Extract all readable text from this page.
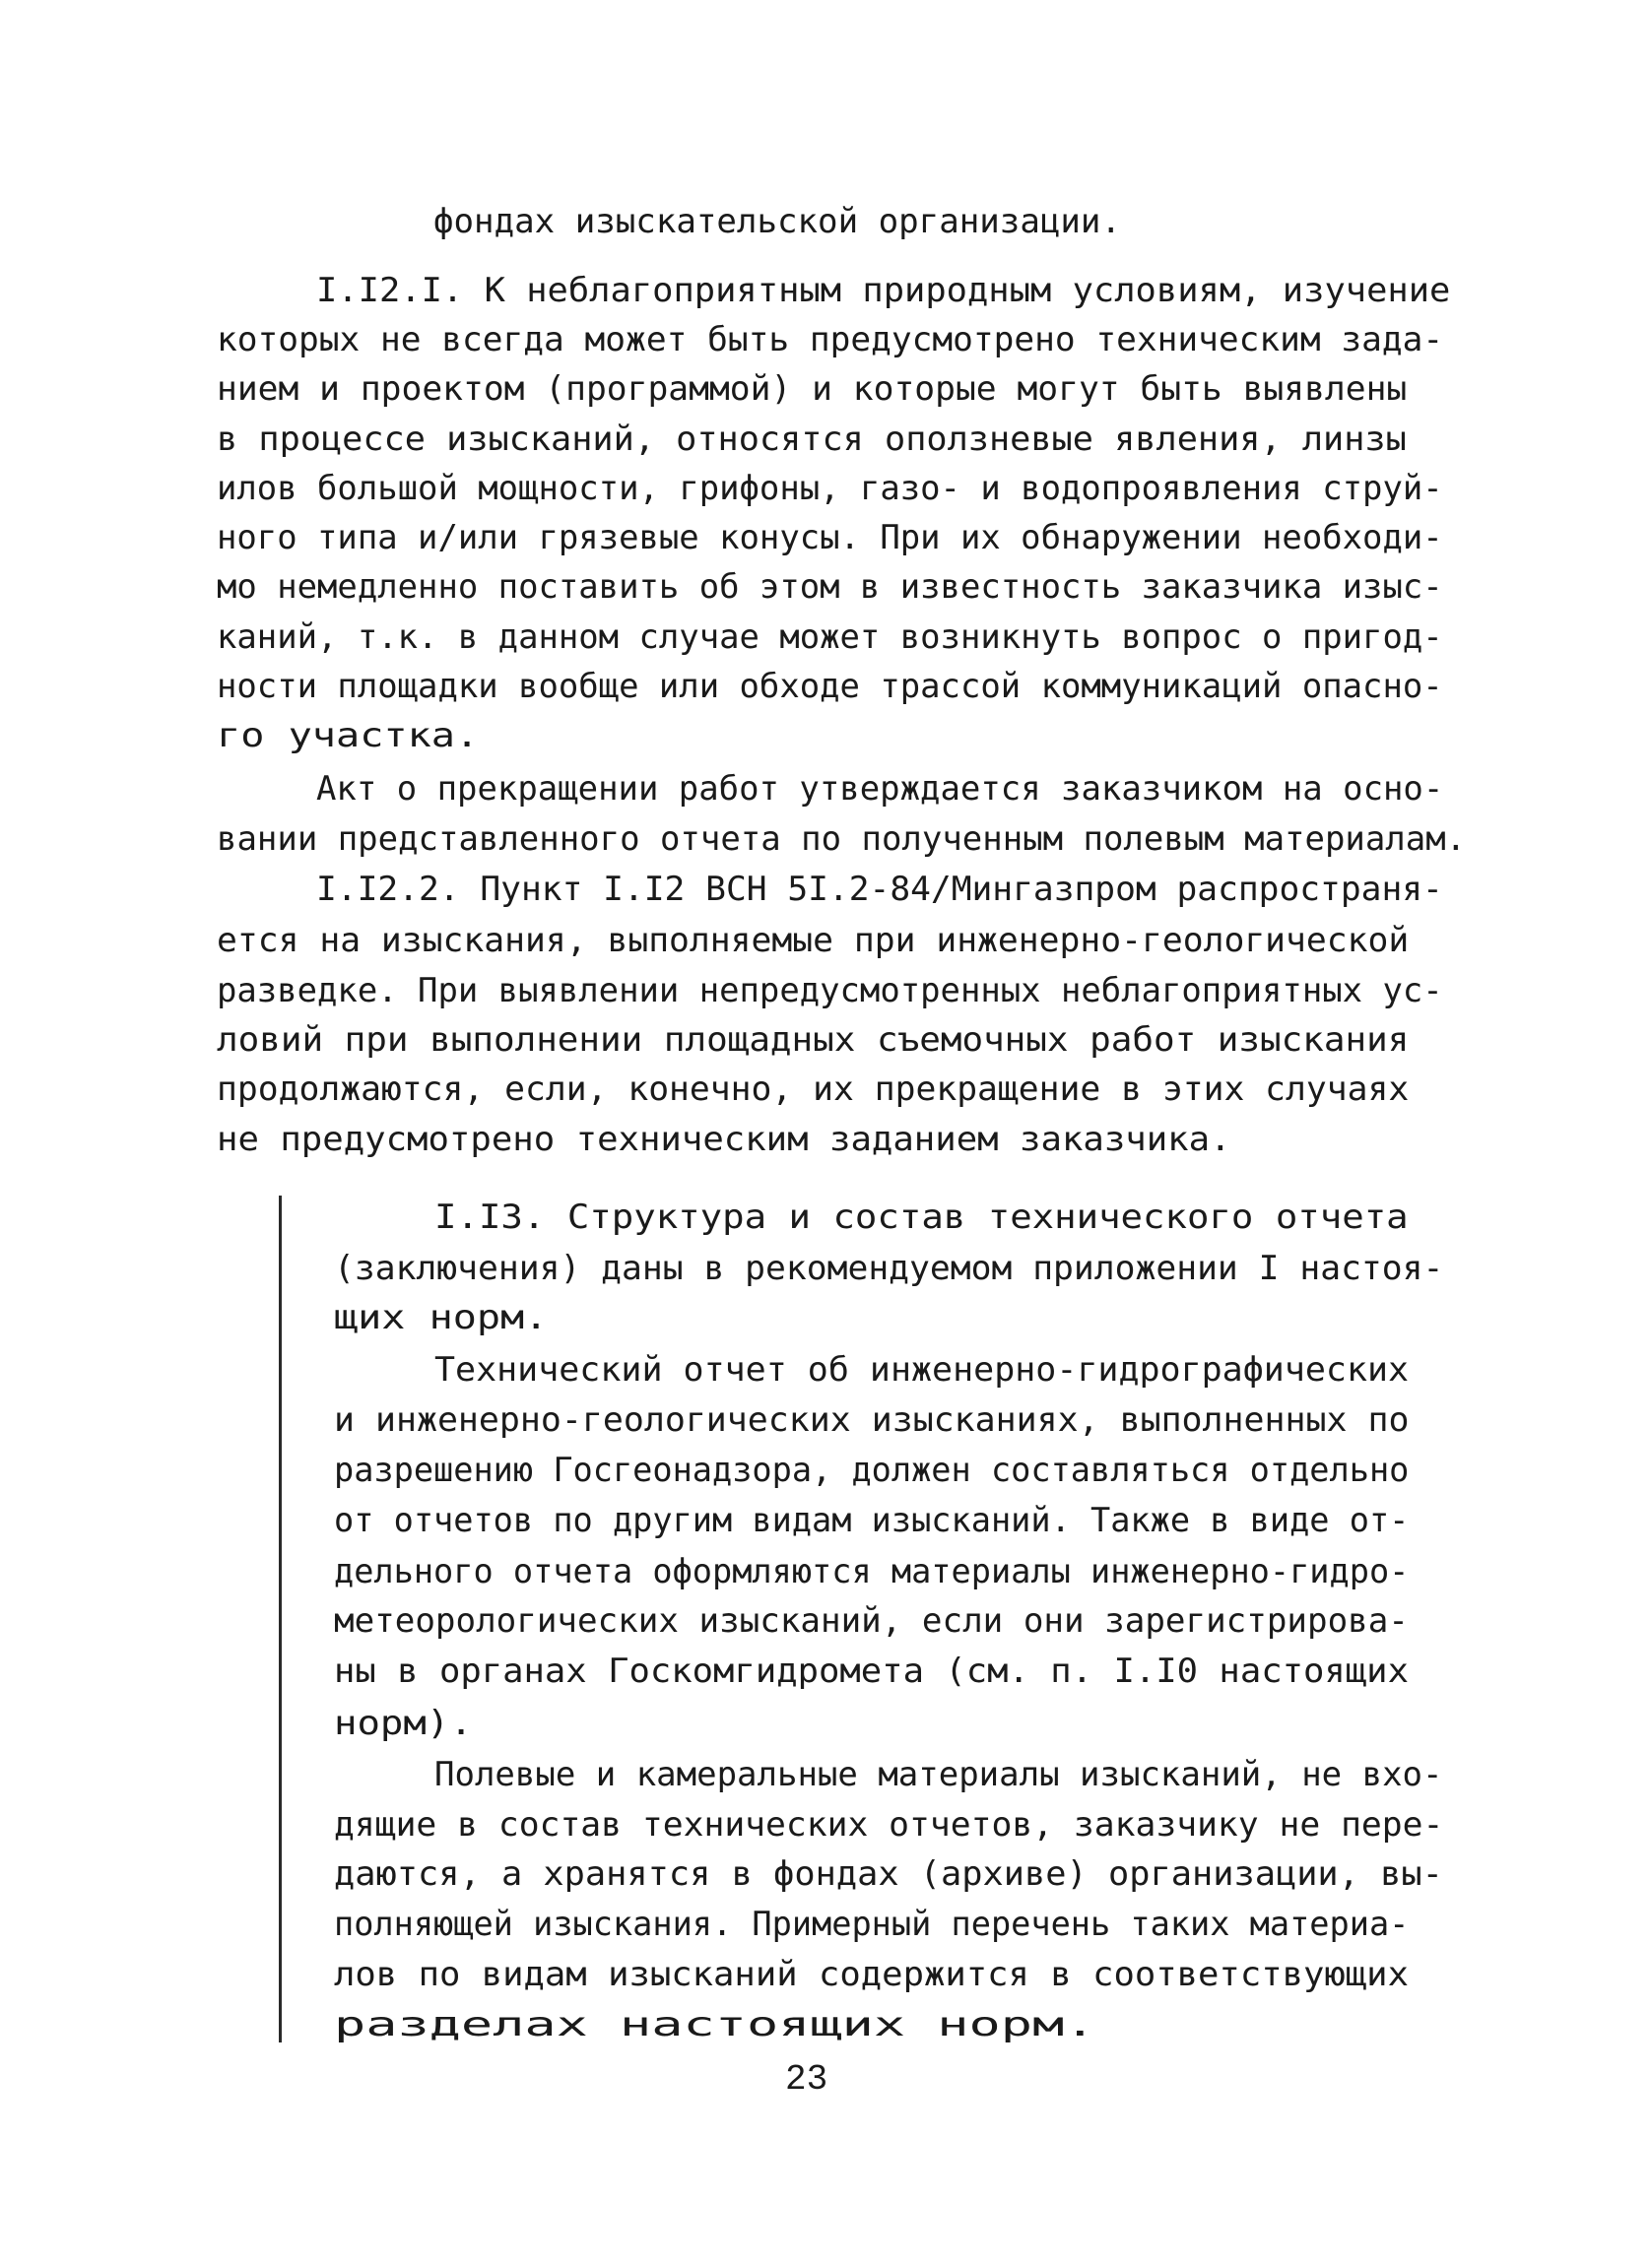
фондах изыскательской организации.

I.I2.I. К неблагоприятным природным условиям, изучение

которых не всегда может быть предусмотрено техническим зада-

нием и проектом (программой) и которые могут быть выявлены

в процессе изысканий, относятся оползневые явления, линзы

илов большой мощности, грифоны, газо- и водопроявления струй-

ного типа и/или грязевые конусы. При их обнаружении необходи-

мо немедленно поставить об этом в известность заказчика изыс-

каний, т.к. в данном случае может возникнуть вопрос о пригод-

ности площадки вообще или обходе трассой коммуникаций опасно-

го участка.

Акт о прекращении работ утверждается заказчиком на осно-

вании представленного отчета по полученным полевым материалам.

I.I2.2. Пункт I.I2 ВСН 5I.2-84/Мингазпром распространя-

ется на изыскания, выполняемые при инженерно-геологической

разведке. При выявлении непредусмотренных неблагоприятных ус-

ловий при выполнении площадных съемочных работ изыскания

продолжаются, если, конечно, их прекращение в этих случаях

не предусмотрено техническим заданием заказчика.

I.I3. Структура и состав технического отчета

(заключения) даны в рекомендуемом приложении I настоя-

щих норм.

Технический отчет об инженерно-гидрографических

и инженерно-геологических изысканиях, выполненных по

разрешению Госгеонадзора, должен составляться отдельно

от отчетов по другим видам изысканий. Также в виде от-

дельного отчета оформляются материалы инженерно-гидро-

метеорологических изысканий, если они зарегистрирова-

ны в органах Госкомгидромета (см. п. I.I0 настоящих

норм).

Полевые и камеральные материалы изысканий, не вхо-

дящие в состав технических отчетов, заказчику не пере-

даются, а хранятся в фондах (архиве) организации, вы-

полняющей изыскания. Примерный перечень таких материа-

лов по видам изысканий содержится в соответствующих

разделах настоящих норм.

23
